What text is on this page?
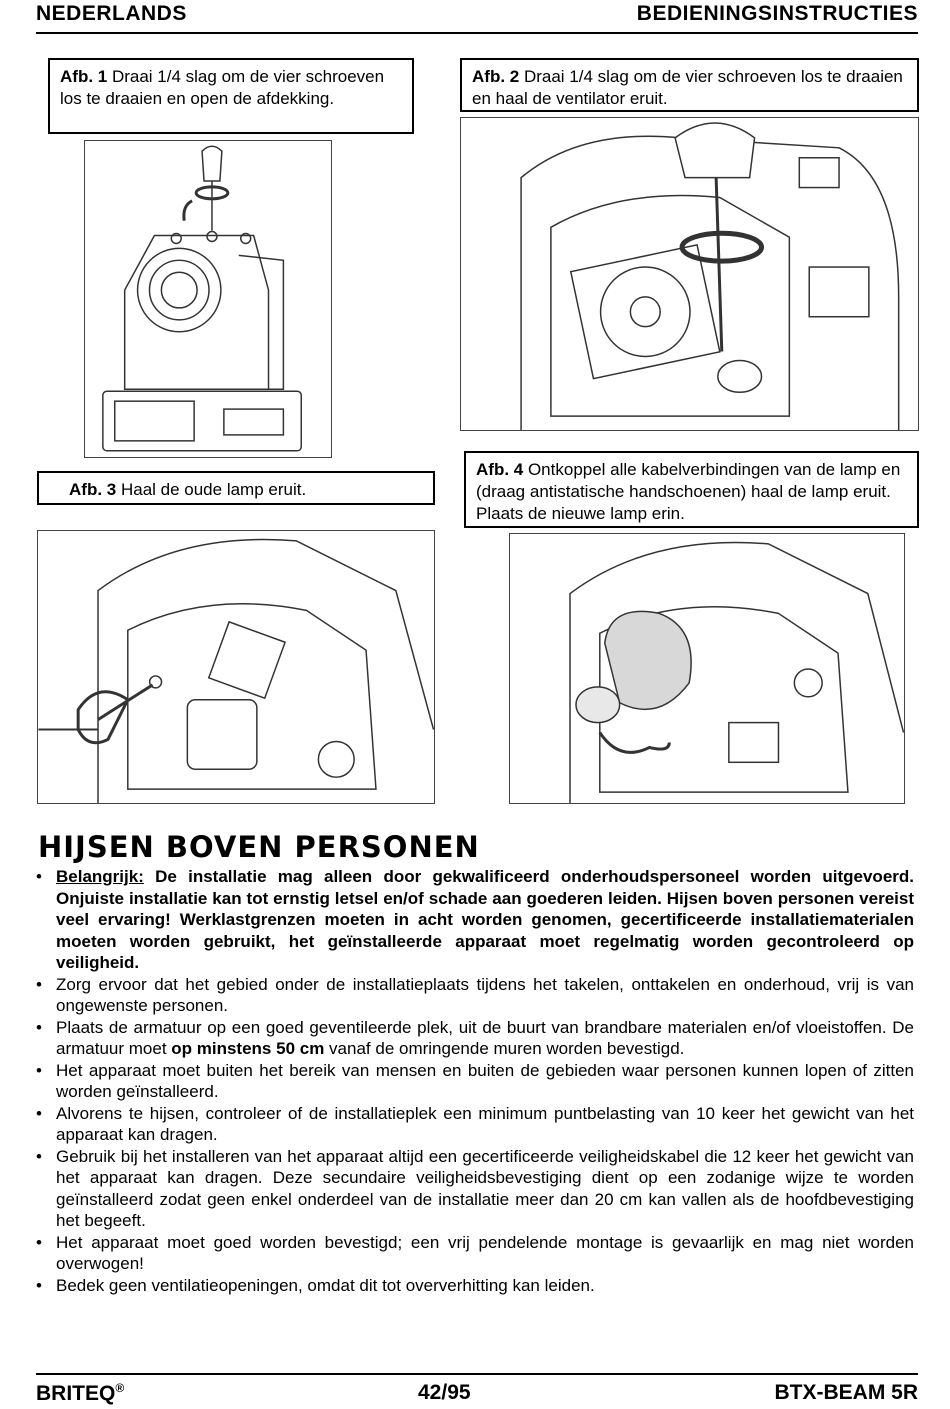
NEDERLANDS	BEDIENINGSINSTRUCTIES
Afb. 1 Draai 1/4 slag om de vier schroeven los te draaien en open de afdekking.
Afb. 2 Draai 1/4 slag om de vier schroeven los te draaien en haal de ventilator eruit.
Afb. 3 Haal de oude lamp eruit.
Afb. 4 Ontkoppel alle kabelverbindingen van de lamp en (draag antistatische handschoenen) haal de lamp eruit. Plaats de nieuwe lamp erin.
HIJSEN BOVEN PERSONEN
• Belangrijk: De installatie mag alleen door gekwalificeerd onderhoudspersoneel worden uitgevoerd. Onjuiste installatie kan tot ernstig letsel en/of schade aan goederen leiden. Hijsen boven personen vereist veel ervaring! Werklastgrenzen moeten in acht worden genomen, gecertificeerde installatiematerialen moeten worden gebruikt, het geïnstalleerde apparaat moet regelmatig worden gecontroleerd op veiligheid.
• Zorg ervoor dat het gebied onder de installatieplaats tijdens het takelen, onttakelen en onderhoud, vrij is van ongewenste personen.
• Plaats de armatuur op een goed geventileerde plek, uit de buurt van brandbare materialen en/of vloeistoffen. De armatuur moet op minstens 50 cm vanaf de omringende muren worden bevestigd.
• Het apparaat moet buiten het bereik van mensen en buiten de gebieden waar personen kunnen lopen of zitten worden geïnstalleerd.
• Alvorens te hijsen, controleer of de installatieplek een minimum puntbelasting van 10 keer het gewicht van het apparaat kan dragen.
• Gebruik bij het installeren van het apparaat altijd een gecertificeerde veiligheidskabel die 12 keer het gewicht van het apparaat kan dragen. Deze secundaire veiligheidsbevestiging dient op een zodanige wijze te worden geïnstalleerd zodat geen enkel onderdeel van de installatie meer dan 20 cm kan vallen als de hoofdbevestiging het begeeft.
• Het apparaat moet goed worden bevestigd; een vrij pendelende montage is gevaarlijk en mag niet worden overwogen!
• Bedek geen ventilatieopeningen, omdat dit tot oververhitting kan leiden.
BRITEQ®	42/95	BTX-BEAM 5R
